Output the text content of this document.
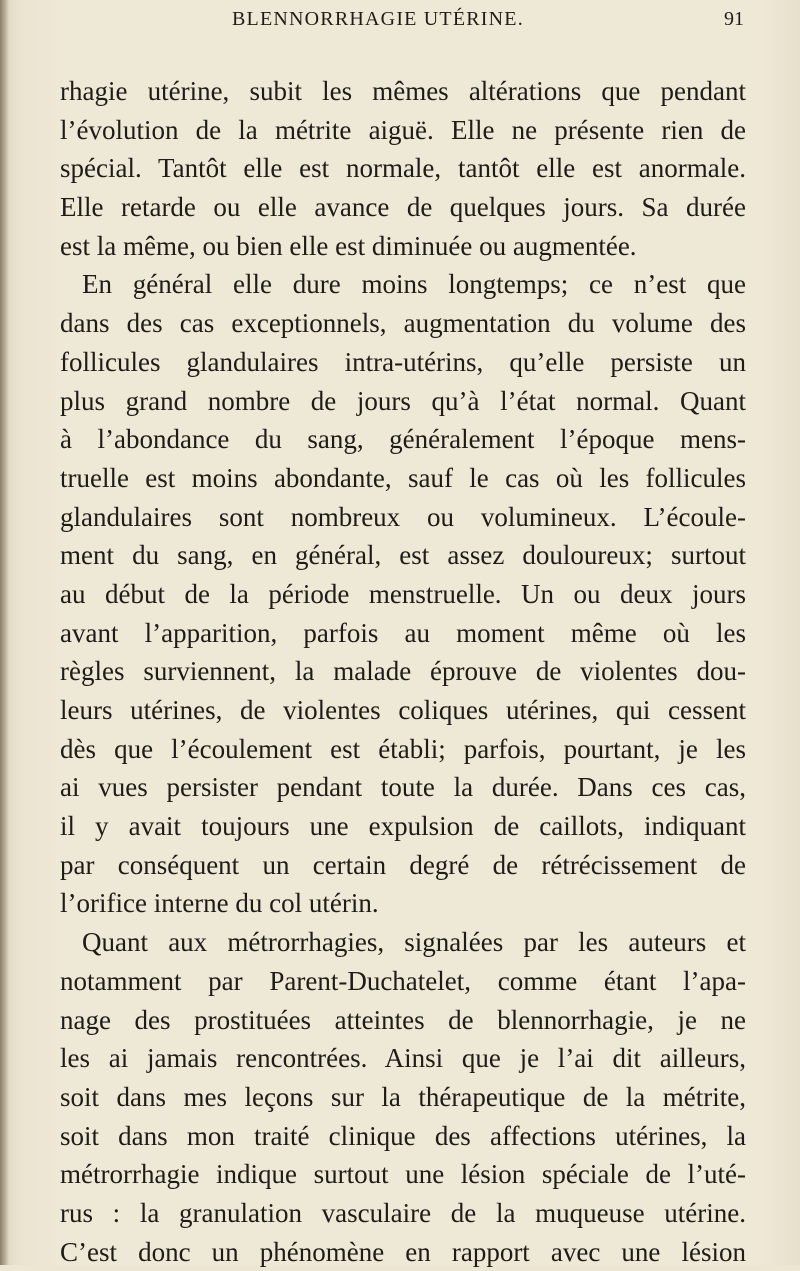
BLENNORRHAGIE UTÉRINE.	91
rhagie utérine, subit les mêmes altérations que pendant
l’évolution de la métrite aiguë. Elle ne présente rien de
spécial. Tantôt elle est normale, tantôt elle est anormale.
Elle retarde ou elle avance de quelques jours. Sa durée
est la même, ou bien elle est diminuée ou augmentée.
En général elle dure moins longtemps; ce n’est que
dans des cas exceptionnels, augmentation du volume des
follicules glandulaires intra-utérins, qu’elle persiste un
plus grand nombre de jours qu’à l’état normal. Quant
à l’abondance du sang, généralement l’époque mens-
truelle est moins abondante, sauf le cas où les follicules
glandulaires sont nombreux ou volumineux. L’écoule-
ment du sang, en général, est assez douloureux; surtout
au début de la période menstruelle. Un ou deux jours
avant l’apparition, parfois au moment même où les
règles surviennent, la malade éprouve de violentes dou-
leurs utérines, de violentes coliques utérines, qui cessent
dès que l’écoulement est établi; parfois, pourtant, je les
ai vues persister pendant toute la durée. Dans ces cas,
il y avait toujours une expulsion de caillots, indiquant
par conséquent un certain degré de rétrécissement de
l’orifice interne du col utérin.
Quant aux métrorrhagies, signalées par les auteurs et
notamment par Parent-Duchatelet, comme étant l’apa-
nage des prostituées atteintes de blennorrhagie, je ne
les ai jamais rencontrées. Ainsi que je l’ai dit ailleurs,
soit dans mes leçons sur la thérapeutique de la métrite,
soit dans mon traité clinique des affections utérines, la
métrorrhagie indique surtout une lésion spéciale de l’uté-
rus : la granulation vasculaire de la muqueuse utérine.
C’est donc un phénomène en rapport avec une lésion
